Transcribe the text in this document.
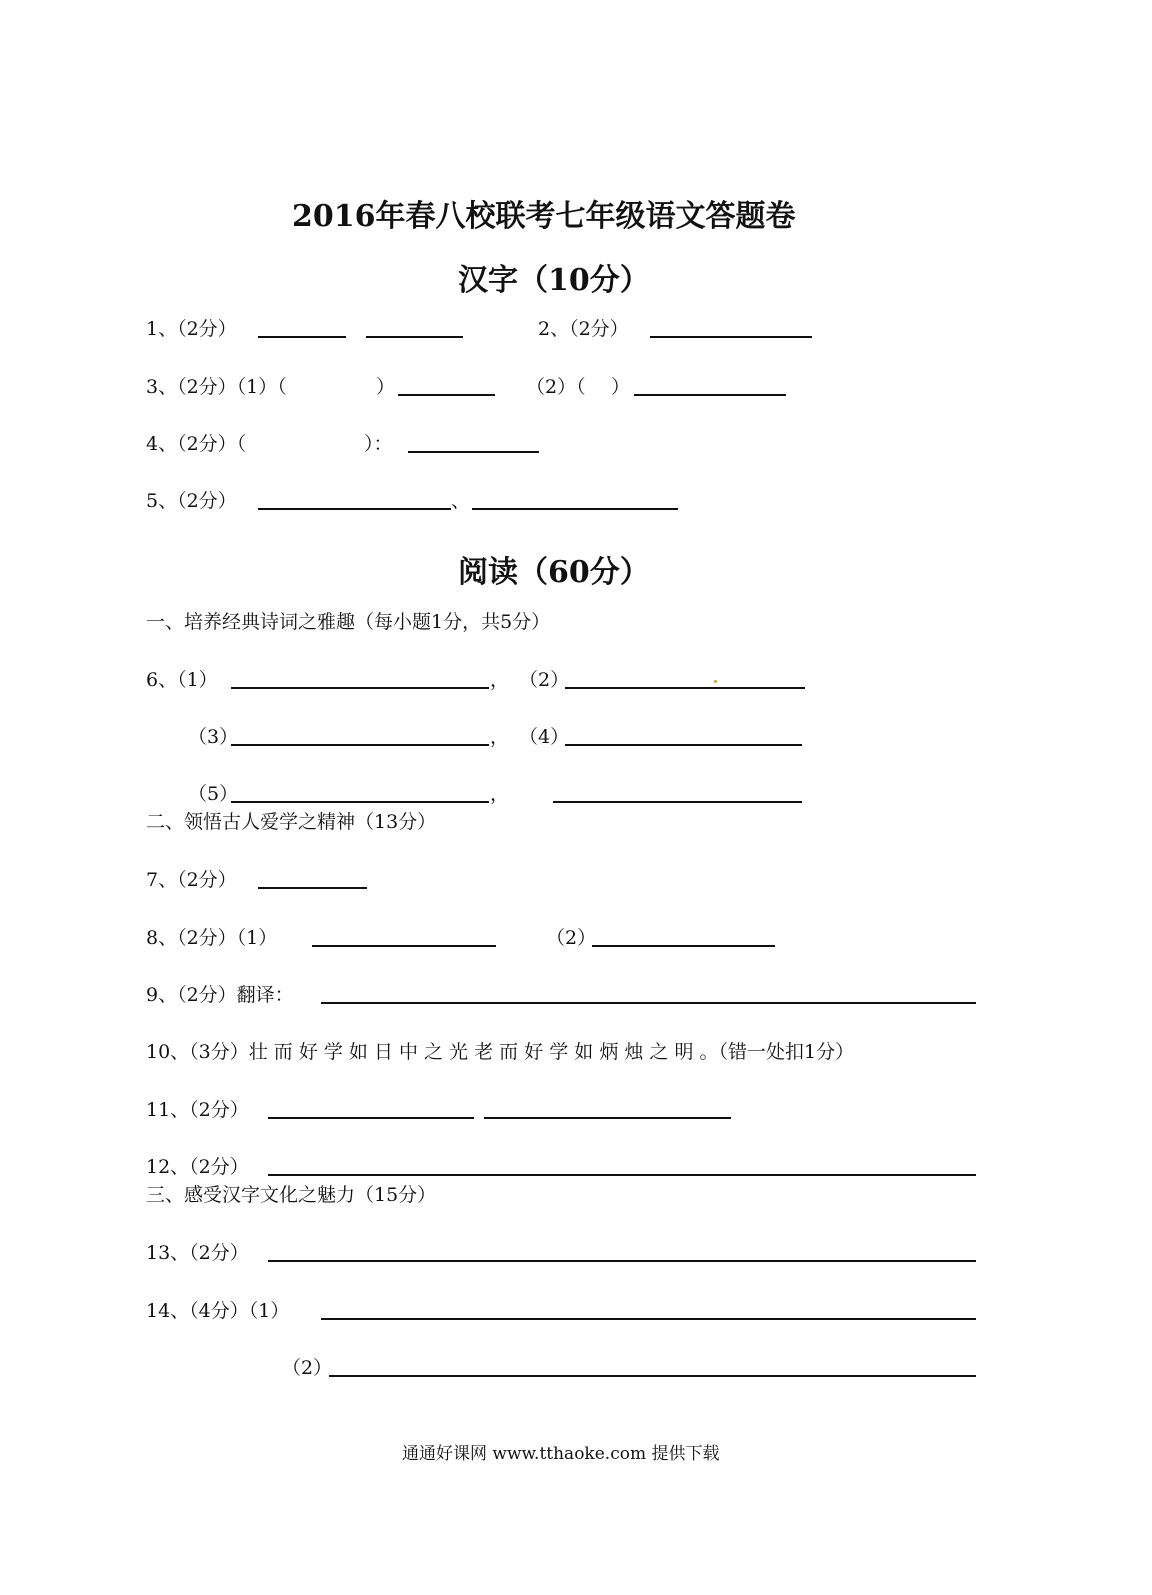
2016年春八校联考七年级语文答题卷
汉字（10分）
1、（2分）	2、（2分）
3、（2分）（1）（	）	（2）（ ）
4、（2分）（	）：
5、（2分）	、
阅读（60分）
一、培养经典诗词之雅趣（每小题1分，共5分）
6、（1）	， （2）
（3）	， （4）
（5）	，
二、领悟古人爱学之精神（13分）
7、（2分）
8、（2分）（1）	（2）
9、（2分）翻译：
10、（3分）壮 而 好 学 如 日 中 之 光 老 而 好 学 如 炳 烛 之 明 。（错一处扣1分）
11、（2分）
12、（2分）
三、感受汉字文化之魅力（15分）
13、（2分）
14、（4分）（1）
（2）
通通好课网 www.tthaoke.com 提供下载
